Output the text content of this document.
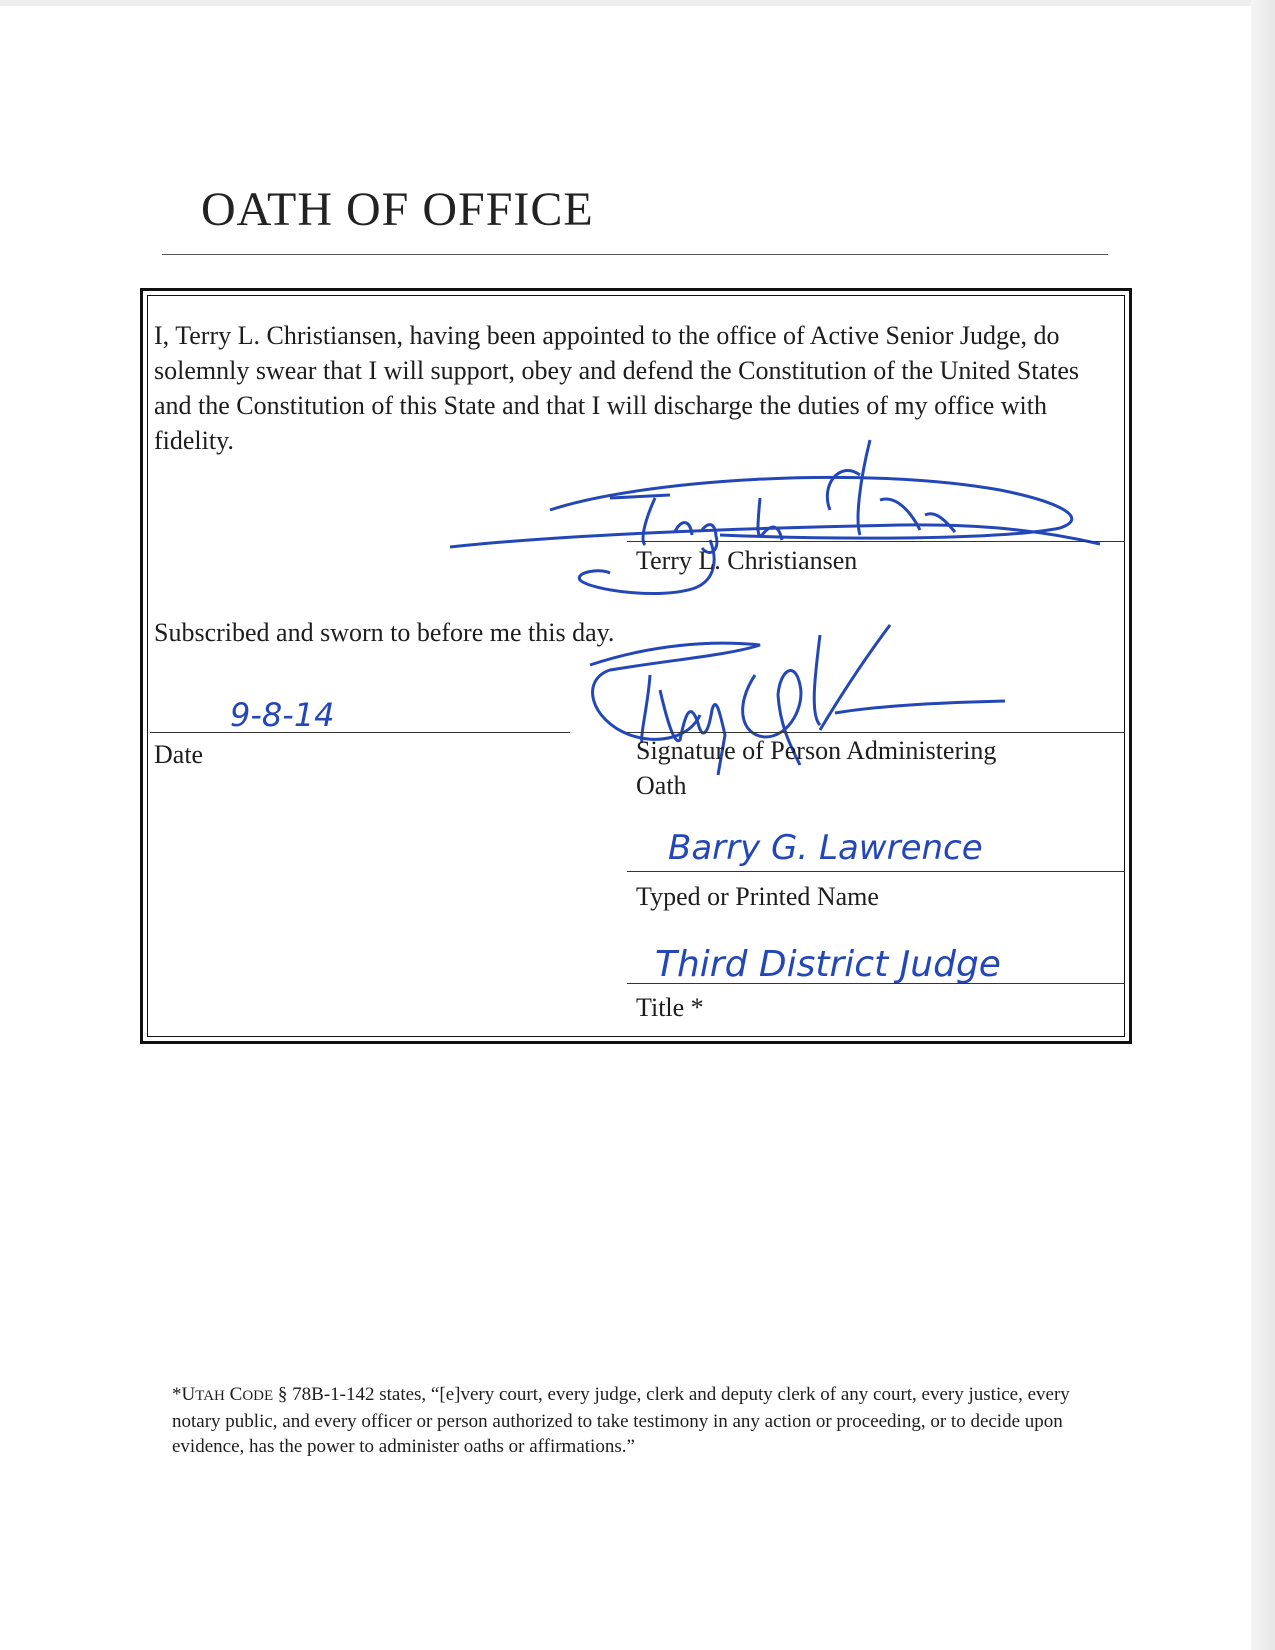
OATH OF OFFICE

I, Terry L. Christiansen, having been appointed to the office of Active Senior Judge, do solemnly swear that I will support, obey and defend the Constitution of the United States and the Constitution of this State and that I will discharge the duties of my office with fidelity.

Terry L. Christiansen
Subscribed and sworn to before me this day.
9-8-14
Date	Signature of Person Administering
Oath
Barry G. Lawrence
Typed or Printed Name
Third District Judge
Title *

*UTAH CODE § 78B-1-142 states, “[e]very court, every judge, clerk and deputy clerk of any court, every justice, every notary public, and every officer or person authorized to take testimony in any action or proceeding, or to decide upon evidence, has the power to administer oaths or affirmations.”
